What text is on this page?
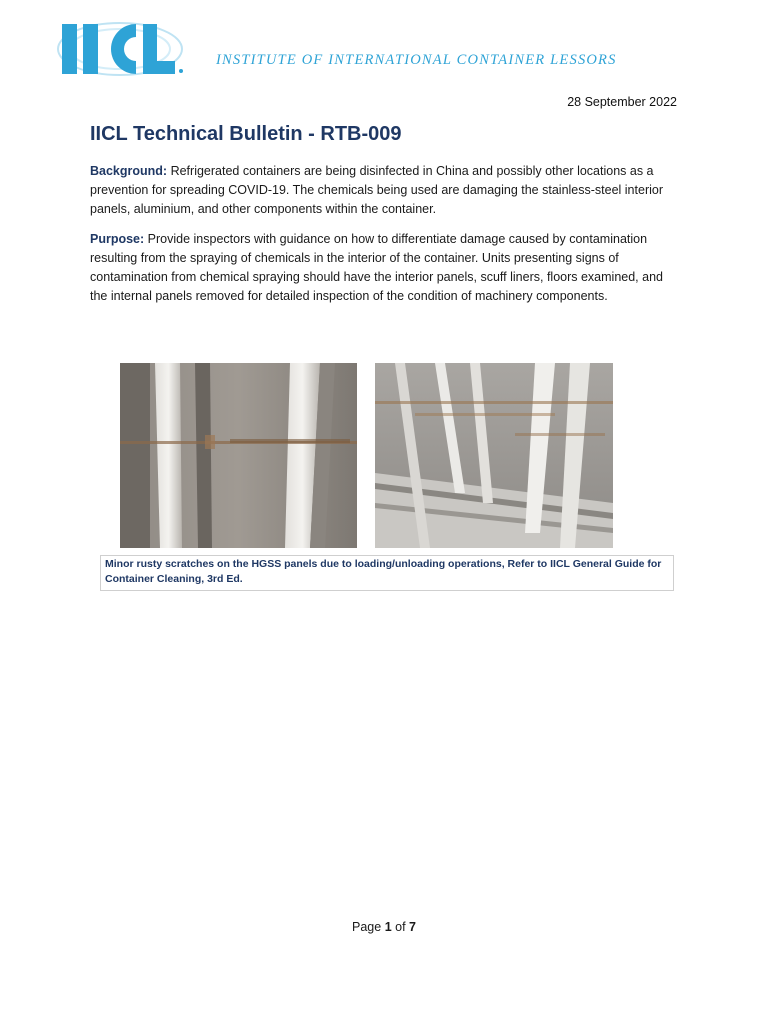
INSTITUTE OF INTERNATIONAL CONTAINER LESSORS
28 September 2022
IICL Technical Bulletin - RTB-009

Background: Refrigerated containers are being disinfected in China and possibly other locations as a prevention for spreading COVID-19. The chemicals being used are damaging the stainless-steel interior panels, aluminium, and other components within the container.

Purpose: Provide inspectors with guidance on how to differentiate damage caused by contamination resulting from the spraying of chemicals in the interior of the container. Units presenting signs of contamination from chemical spraying should have the interior panels, scuff liners, floors examined, and the internal panels removed for detailed inspection of the condition of machinery components.

Minor rusty scratches on the HGSS panels due to loading/unloading operations, Refer to IICL General Guide for Container Cleaning, 3rd Ed.
Page 1 of 7
